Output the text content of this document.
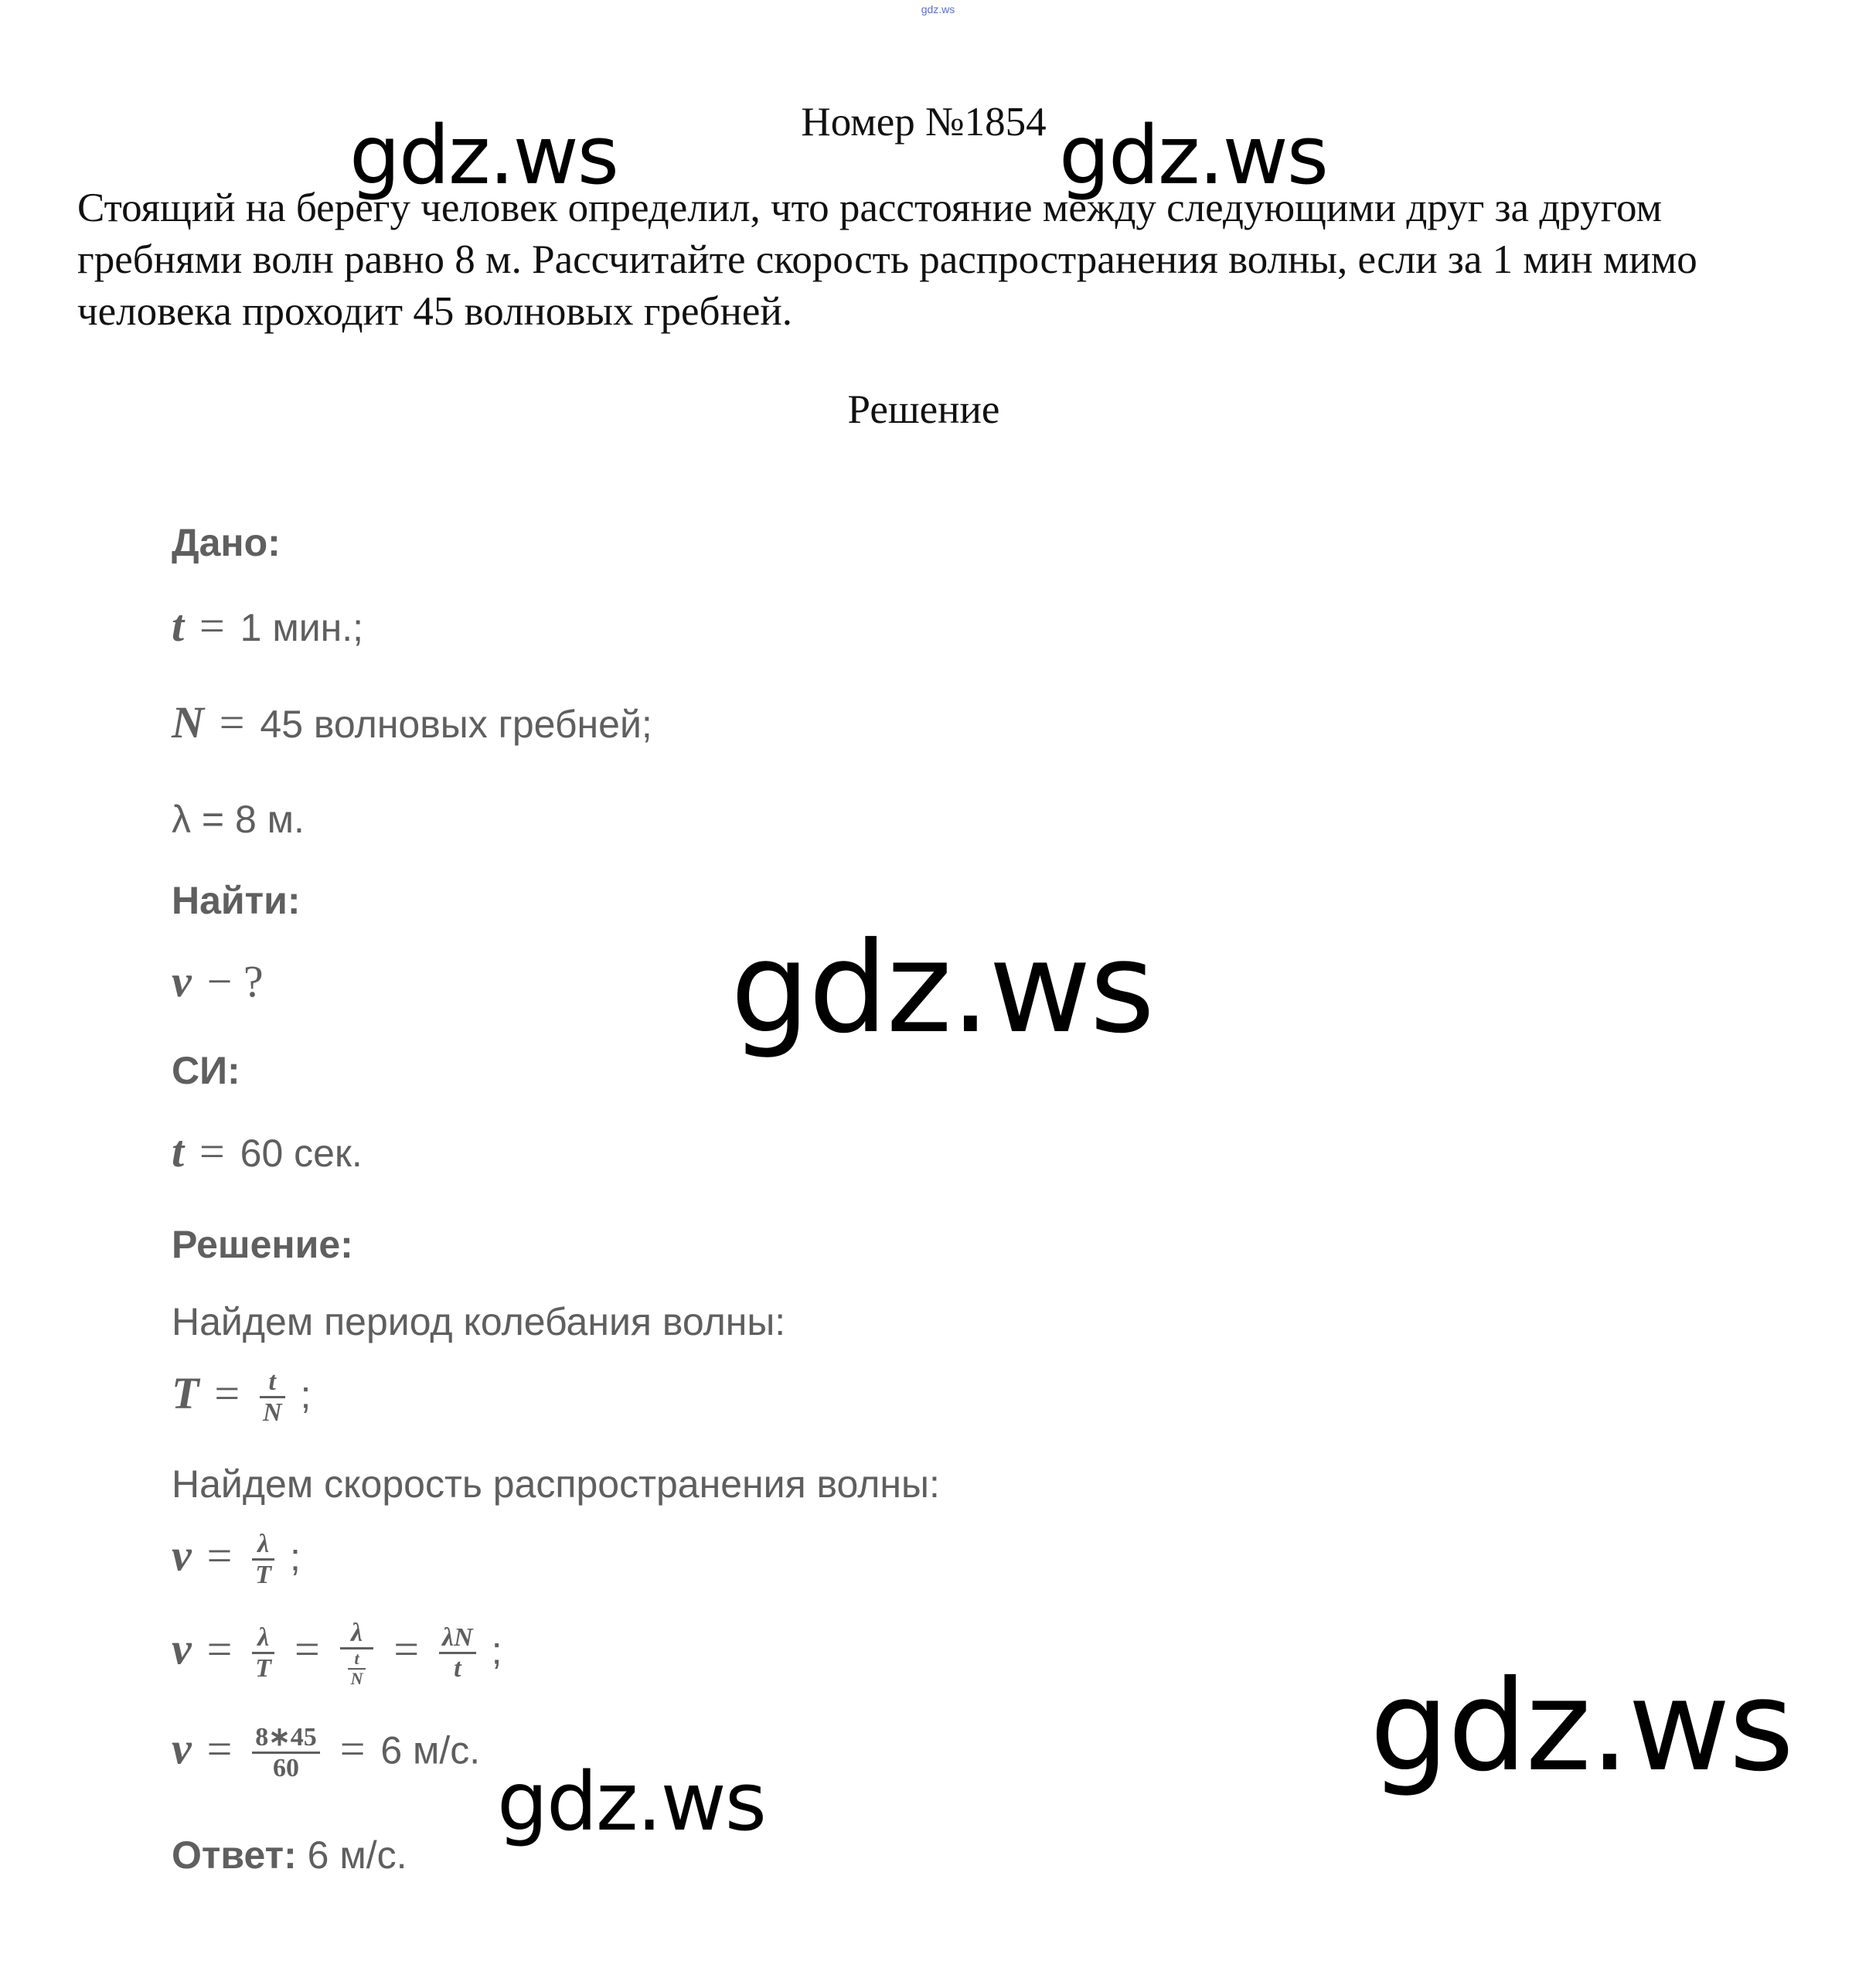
gdz.ws
Номер №1854
Стоящий на берегу человек определил, что расстояние между следующими друг за другом гребнями волн равно 8 м. Рассчитайте скорость распространения волны, если за 1 мин мимо человека проходит 45 волновых гребней.
Решение
Дано:
t = 1 мин.;
N = 45 волновых гребней;
λ = 8 м.
Найти:
v − ?
СИ:
t = 60 сек.
Решение:
Найдем период колебания волны:
$T = \frac{t}{N}$ ;
Найдем скорость распространения волны:
$v = \frac{\lambda}{T}$ ;
$v = \frac{\lambda}{T} = \frac{\lambda}{\frac{t}{N}} = \frac{\lambda N}{t}$ ;
$v = \frac{8∗45}{60} = 6$ м/с.
Ответ: 6 м/с.
gdz.ws	gdz.ws
gdz.ws
gdz.ws
gdz.ws
